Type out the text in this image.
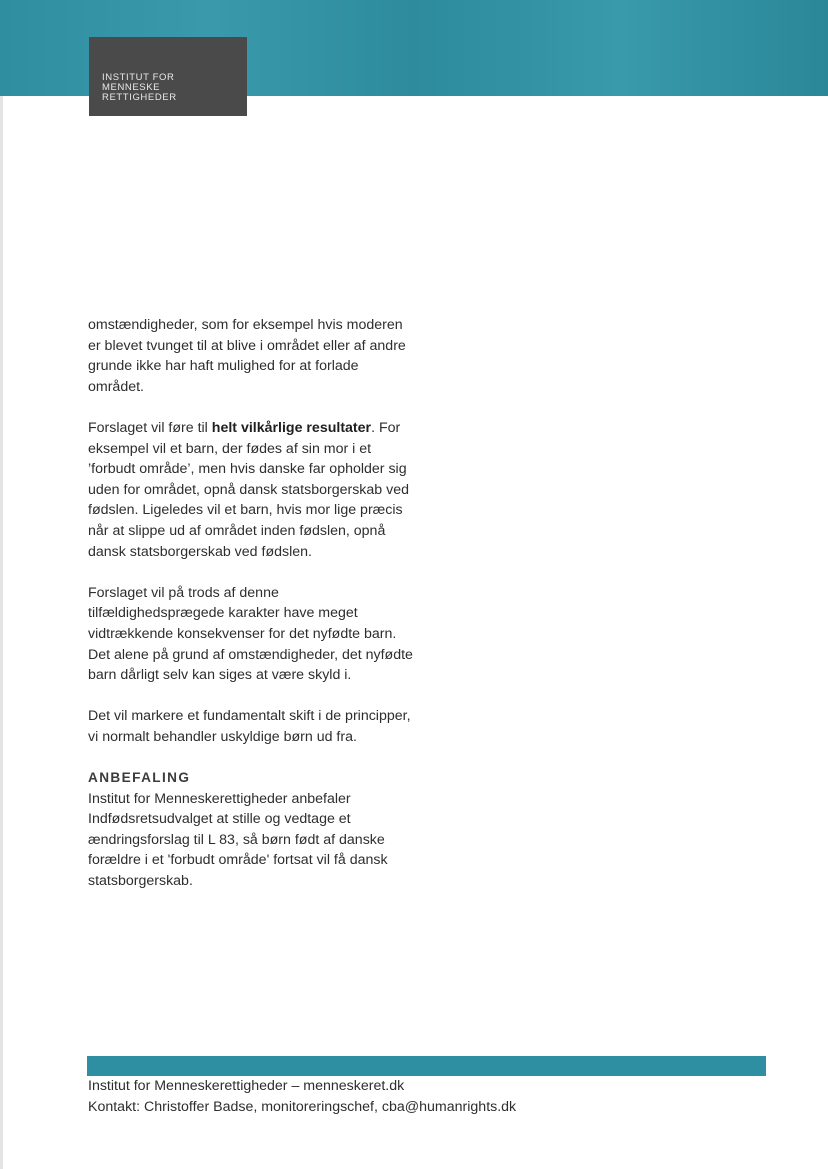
INSTITUT FOR
MENNESKE
RETTIGHEDER

omstændigheder, som for eksempel hvis moderen er blevet tvunget til at blive i området eller af andre grunde ikke har haft mulighed for at forlade området.

Forslaget vil føre til helt vilkårlige resultater. For eksempel vil et barn, der fødes af sin mor i et ’forbudt område’, men hvis danske far opholder sig uden for området, opnå dansk statsborgerskab ved fødslen. Ligeledes vil et barn, hvis mor lige præcis når at slippe ud af området inden fødslen, opnå dansk statsborgerskab ved fødslen.

Forslaget vil på trods af denne tilfældighedsprægede karakter have meget vidtrækkende konsekvenser for det nyfødte barn. Det alene på grund af omstændigheder, det nyfødte barn dårligt selv kan siges at være skyld i.

Det vil markere et fundamentalt skift i de principper, vi normalt behandler uskyldige børn ud fra.

ANBEFALING
Institut for Menneskerettigheder anbefaler Indfødsretsudvalget at stille og vedtage et ændringsforslag til L 83, så børn født af danske forældre i et 'forbudt område' fortsat vil få dansk statsborgerskab.
Institut for Menneskerettigheder – menneskeret.dk
Kontakt: Christoffer Badse, monitoreringschef, cba@humanrights.dk
